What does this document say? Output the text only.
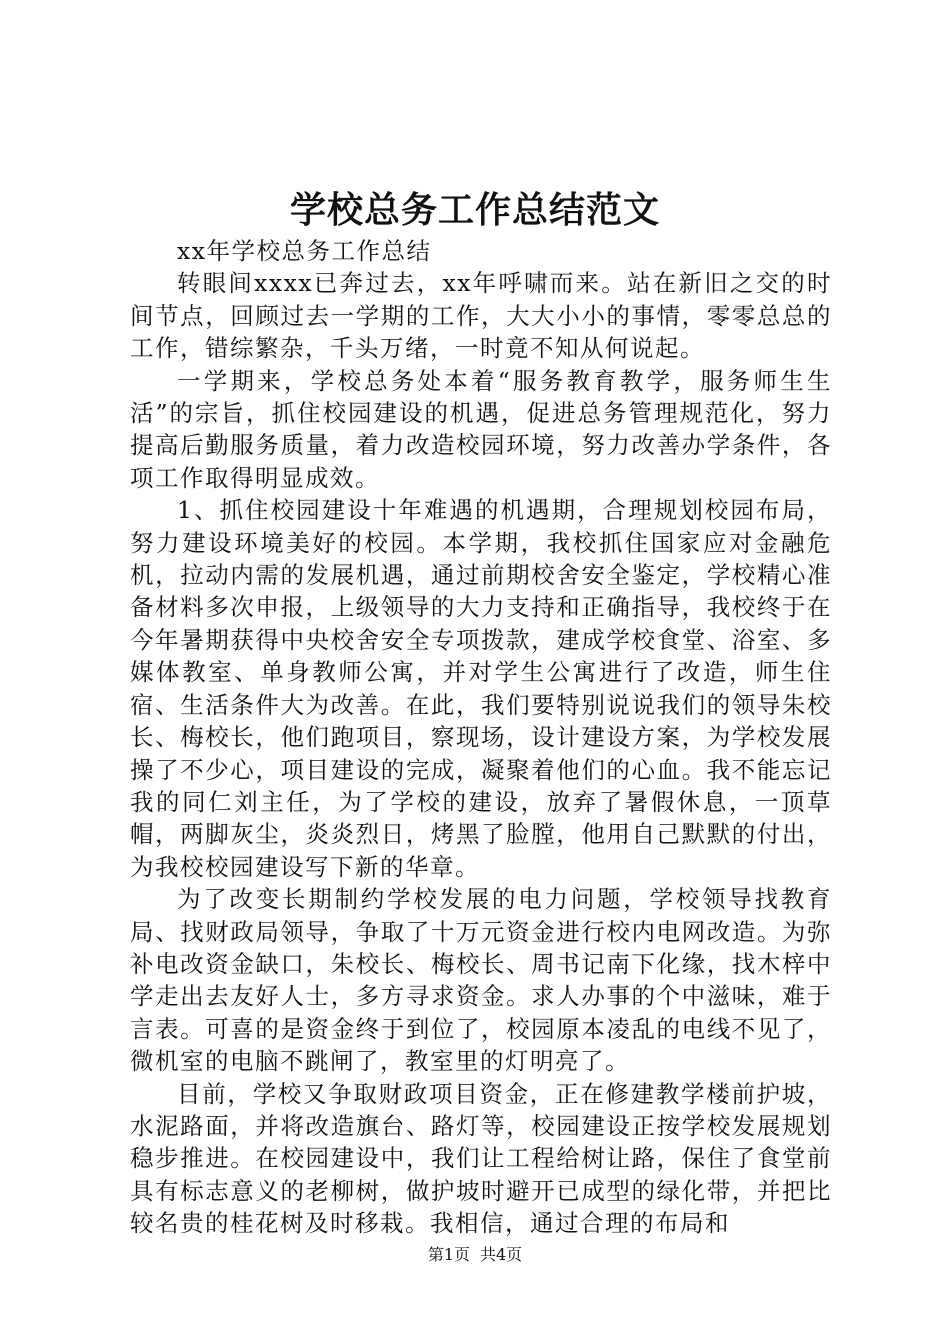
学校总务工作总结范文

xx年学校总务工作总结

转眼间xxxx已奔过去，xx年呼啸而来。站在新旧之交的时间节点，回顾过去一学期的工作，大大小小的事情，零零总总的工作，错综繁杂，千头万绪，一时竟不知从何说起。

一学期来，学校总务处本着“服务教育教学，服务师生生活”的宗旨，抓住校园建设的机遇，促进总务管理规范化，努力提高后勤服务质量，着力改造校园环境，努力改善办学条件，各项工作取得明显成效。

1、抓住校园建设十年难遇的机遇期，合理规划校园布局，努力建设环境美好的校园。本学期，我校抓住国家应对金融危机，拉动内需的发展机遇，通过前期校舍安全鉴定，学校精心准备材料多次申报，上级领导的大力支持和正确指导，我校终于在今年暑期获得中央校舍安全专项拨款，建成学校食堂、浴室、多媒体教室、单身教师公寓，并对学生公寓进行了改造，师生住宿、生活条件大为改善。在此，我们要特别说说我们的领导朱校长、梅校长，他们跑项目，察现场，设计建设方案，为学校发展操了不少心，项目建设的完成，凝聚着他们的心血。我不能忘记我的同仁刘主任，为了学校的建设，放弃了暑假休息，一顶草帽，两脚灰尘，炎炎烈日，烤黑了脸膛，他用自己默默的付出，为我校校园建设写下新的华章。

为了改变长期制约学校发展的电力问题，学校领导找教育局、找财政局领导，争取了十万元资金进行校内电网改造。为弥补电改资金缺口，朱校长、梅校长、周书记南下化缘，找木梓中学走出去友好人士，多方寻求资金。求人办事的个中滋味，难于言表。可喜的是资金终于到位了，校园原本凌乱的电线不见了，微机室的电脑不跳闸了，教室里的灯明亮了。

目前，学校又争取财政项目资金，正在修建教学楼前护坡，水泥路面，并将改造旗台、路灯等，校园建设正按学校发展规划稳步推进。在校园建设中，我们让工程给树让路，保住了食堂前具有标志意义的老柳树，做护坡时避开已成型的绿化带，并把比较名贵的桂花树及时移栽。我相信，通过合理的布局和

第1页 共4页
